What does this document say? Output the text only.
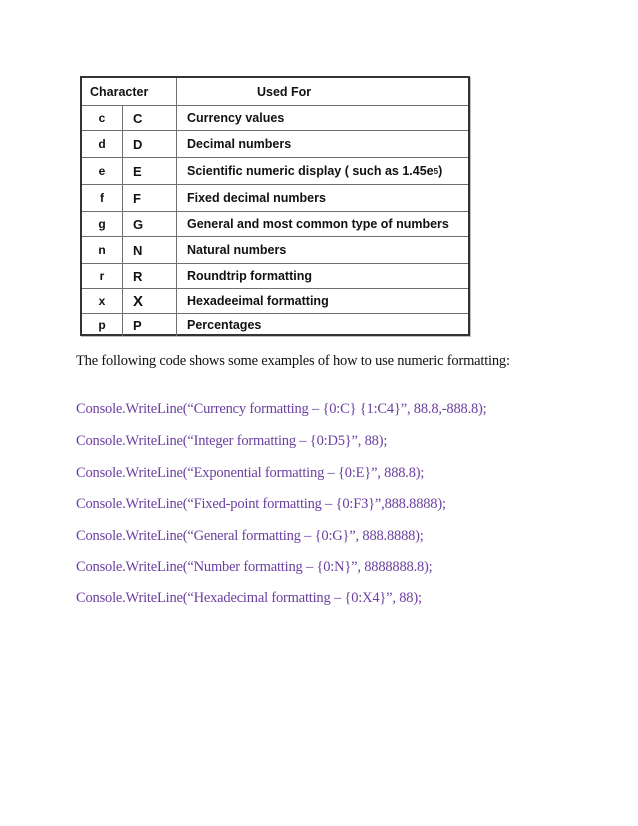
Character	Used For
c	C	Currency values
d	D	Decimal numbers
e	E	Scientific numeric display ( such as 1.45e 5 )
f	F	Fixed decimal numbers
g	G	General and most common type of numbers
n	N	Natural numbers
r	R	Roundtrip formatting
x	X	Hexadeeimal formatting
p	P	Percentages
The following code shows some examples of how to use numeric formatting:
Console.WriteLine(“Currency formatting – {0:C} {1:C4}”, 88.8,-888.8);
Console.WriteLine(“Integer formatting – {0:D5}”, 88);
Console.WriteLine(“Exponential formatting – {0:E}”, 888.8);
Console.WriteLine(“Fixed-point formatting – {0:F3}”,888.8888);
Console.WriteLine(“General formatting – {0:G}”, 888.8888);
Console.WriteLine(“Number formatting – {0:N}”, 8888888.8);
Console.WriteLine(“Hexadecimal formatting – {0:X4}”, 88);
